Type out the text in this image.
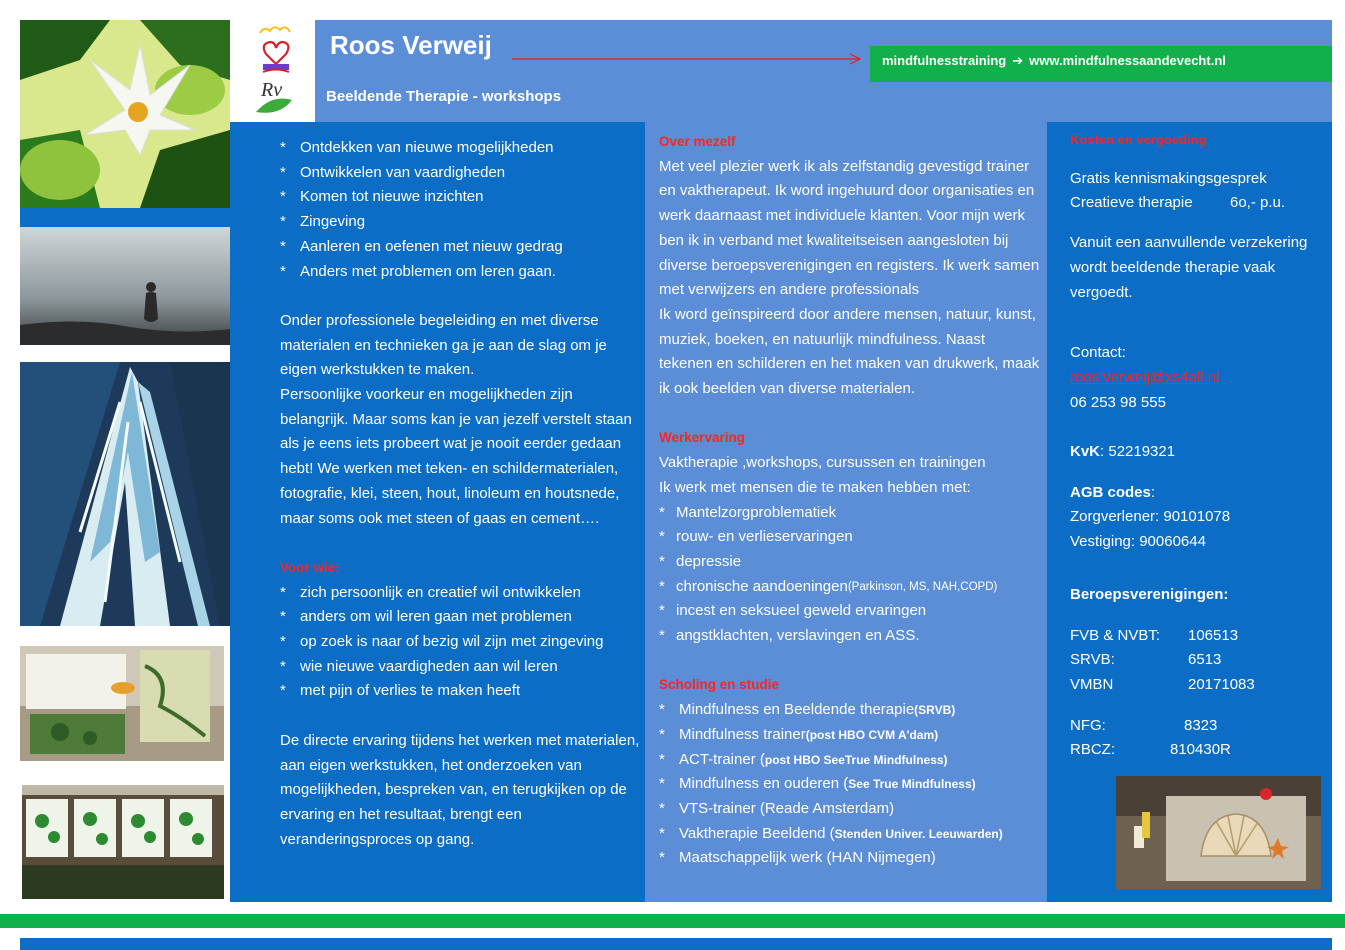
Roos Verweij
mindfulnesstraining ➔ www.mindfulnessaandevecht.nl
Beeldende Therapie - workshops
Rv
* Ontdekken van nieuwe mogelijkheden
* Ontwikkelen van vaardigheden
* Komen tot nieuwe inzichten
* Zingeving
* Aanleren en oefenen met nieuw gedrag
* Anders met problemen om leren gaan.
Onder professionele begeleiding en met diverse materialen en technieken ga je aan de slag om je eigen werkstukken te maken.
Persoonlijke voorkeur en mogelijkheden zijn belangrijk. Maar soms kan je van jezelf verstelt staan als je eens iets probeert wat je nooit eerder gedaan hebt! We werken met teken- en schildermaterialen, fotografie, klei, steen, hout, linoleum en houtsnede, maar soms ook met steen of gaas en cement….
Voor wie:
* zich persoonlijk en creatief wil ontwikkelen
* anders om wil leren gaan met problemen
* op zoek is naar of bezig wil zijn met zingeving
* wie nieuwe vaardigheden aan wil leren
* met pijn of verlies te maken heeft
De directe ervaring tijdens het werken met materialen, aan eigen werkstukken, het onderzoeken van mogelijkheden, bespreken van, en terugkijken op de ervaring en het resultaat, brengt een veranderingsproces op gang.
Over mezelf
Met veel plezier werk ik als zelfstandig gevestigd trainer en vaktherapeut. Ik word ingehuurd door organisaties en werk daarnaast met individuele klanten. Voor mijn werk ben ik in verband met kwaliteitseisen aangesloten bij diverse beroepsverenigingen en registers. Ik werk samen met verwijzers en andere professionals
Ik word geïnspireerd door andere mensen, natuur, kunst, muziek, boeken, en natuurlijk mindfulness. Naast tekenen en schilderen en het maken van drukwerk, maak ik ook beelden van diverse materialen.
Werkervaring
Vaktherapie ,workshops, cursussen en trainingen
Ik werk met mensen die te maken hebben met:
* Mantelzorgproblematiek
* rouw- en verlieservaringen
* depressie
* chronische aandoeningen (Parkinson, MS, NAH,COPD)
* incest en seksueel geweld ervaringen
* angstklachten, verslavingen en ASS.
Scholing en studie
* Mindfulness en Beeldende therapie (SRVB)
* Mindfulness trainer (post HBO CVM A'dam)
* ACT-trainer ( post HBO SeeTrue Mindfulness)
* Mindfulness en ouderen ( See True Mindfulness)
* VTS-trainer (Reade Amsterdam)
* Vaktherapie Beeldend ( Stenden Univer. Leeuwarden)
* Maatschappelijk werk (HAN Nijmegen)
Kosten en vergoeding
Gratis kennismakingsgesprek
Creatieve therapie	6o,- p.u.
Vanuit een aanvullende verzekering wordt beeldende therapie vaak vergoedt.
Contact:
roos.verweij@xs4all.nl
06 253 98 555
KvK: 52219321
AGB codes:
Zorgverlener: 90101078
Vestiging: 90060644
Beroepsverenigingen:
FVB & NVBT:	106513
SRVB:	6513
VMBN	20171083
NFG:	8323
RBCZ:	810430R
